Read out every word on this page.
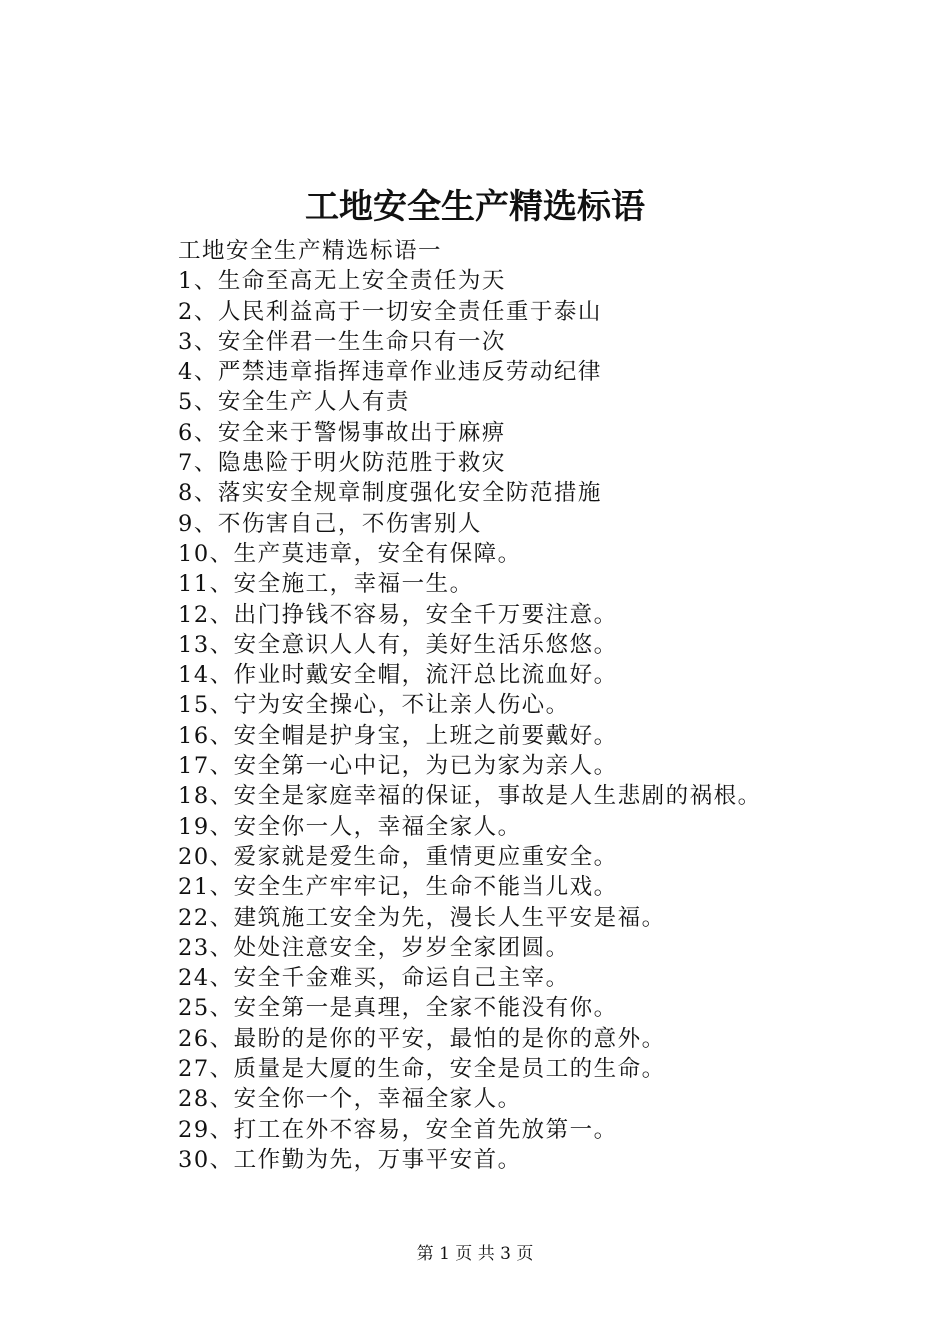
工地安全生产精选标语
工地安全生产精选标语一
1、生命至高无上安全责任为天
2、人民利益高于一切安全责任重于泰山
3、安全伴君一生生命只有一次
4、严禁违章指挥违章作业违反劳动纪律
5、安全生产人人有责
6、安全来于警惕事故出于麻痹
7、隐患险于明火防范胜于救灾
8、落实安全规章制度强化安全防范措施
9、不伤害自己，不伤害别人
10、生产莫违章，安全有保障。
11、安全施工，幸福一生。
12、出门挣钱不容易，安全千万要注意。
13、安全意识人人有，美好生活乐悠悠。
14、作业时戴安全帽，流汗总比流血好。
15、宁为安全操心，不让亲人伤心。
16、安全帽是护身宝，上班之前要戴好。
17、安全第一心中记，为已为家为亲人。
18、安全是家庭幸福的保证，事故是人生悲剧的祸根。
19、安全你一人，幸福全家人。
20、爱家就是爱生命，重情更应重安全。
21、安全生产牢牢记，生命不能当儿戏。
22、建筑施工安全为先，漫长人生平安是福。
23、处处注意安全，岁岁全家团圆。
24、安全千金难买，命运自己主宰。
25、安全第一是真理，全家不能没有你。
26、最盼的是你的平安，最怕的是你的意外。
27、质量是大厦的生命，安全是员工的生命。
28、安全你一个，幸福全家人。
29、打工在外不容易，安全首先放第一。
30、工作勤为先，万事平安首。
第 1 页 共 3 页
